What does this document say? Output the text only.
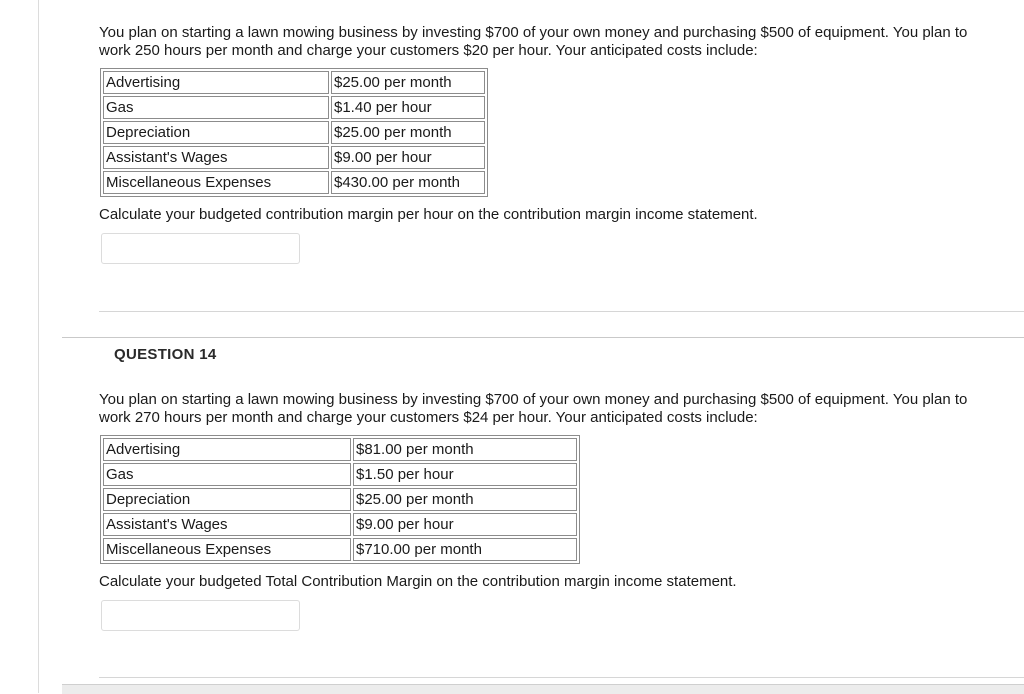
You plan on starting a lawn mowing business by investing $700 of your own money and purchasing $500 of equipment. You plan to work 250 hours per month and charge your customers $20 per hour. Your anticipated costs include:

Advertising	$25.00 per month
Gas	$1.40 per hour
Depreciation	$25.00 per month
Assistant's Wages	$9.00 per hour
Miscellaneous Expenses	$430.00 per month

Calculate your budgeted contribution margin per hour on the contribution margin income statement.

QUESTION 14

You plan on starting a lawn mowing business by investing $700 of your own money and purchasing $500 of equipment. You plan to work 270 hours per month and charge your customers $24 per hour. Your anticipated costs include:

Advertising	$81.00 per month
Gas	$1.50 per hour
Depreciation	$25.00 per month
Assistant's Wages	$9.00 per hour
Miscellaneous Expenses	$710.00 per month

Calculate your budgeted Total Contribution Margin on the contribution margin income statement.
